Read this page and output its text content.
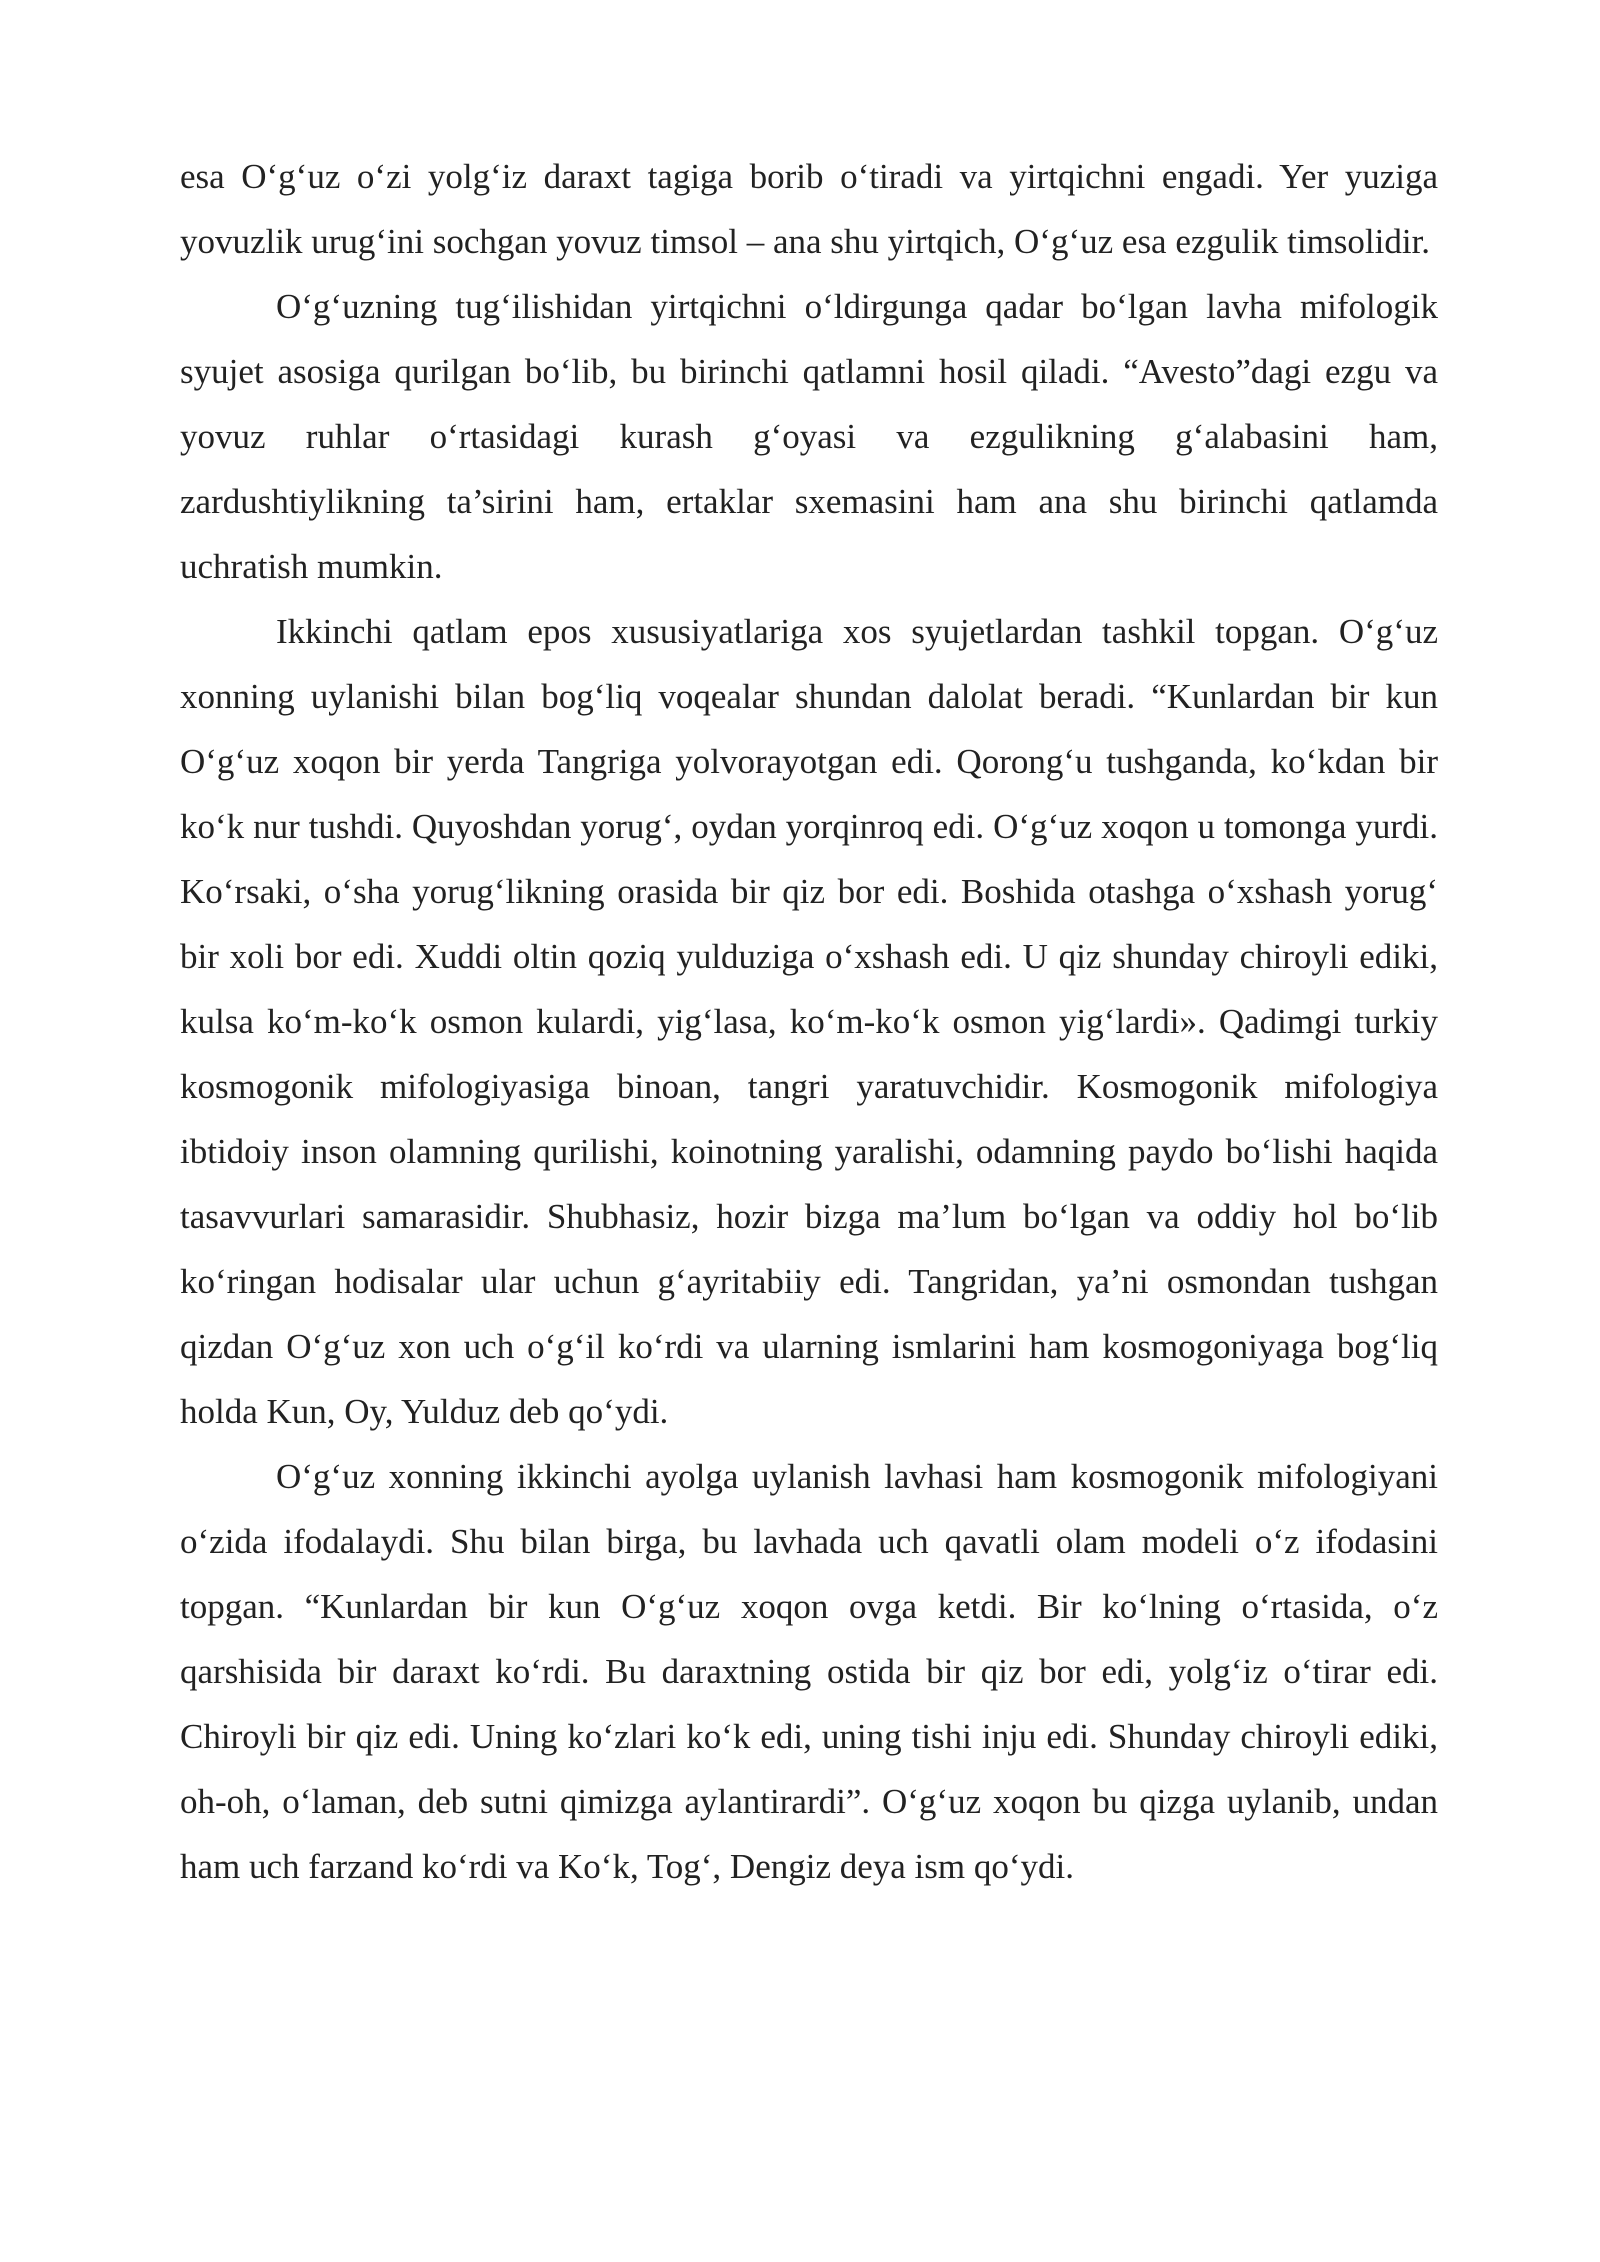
esa O‘g‘uz o‘zi yolg‘iz daraxt tagiga borib o‘tiradi va yirtqichni engadi. Yer yuziga yovuzlik urug‘ini sochgan yovuz timsol – ana shu yirtqich, O‘g‘uz esa ezgulik timsolidir.

O‘g‘uzning tug‘ilishidan yirtqichni o‘ldirgunga qadar bo‘lgan lavha mifologik syujet asosiga qurilgan bo‘lib, bu birinchi qatlamni hosil qiladi. “Avesto”dagi ezgu va yovuz ruhlar o‘rtasidagi kurash g‘oyasi va ezgulikning g‘alabasini ham, zardushtiylikning ta’sirini ham, ertaklar sxemasini ham ana shu birinchi qatlamda uchratish mumkin.

Ikkinchi qatlam epos xususiyatlariga xos syujetlardan tashkil topgan. O‘g‘uz xonning uylanishi bilan bog‘liq voqealar shundan dalolat beradi. “Kunlardan bir kun O‘g‘uz xoqon bir yerda Tangriga yolvorayotgan edi. Qorong‘u tushganda, ko‘kdan bir ko‘k nur tushdi. Quyoshdan yorug‘, oydan yorqinroq edi. O‘g‘uz xoqon u tomonga yurdi. Ko‘rsaki, o‘sha yorug‘likning orasida bir qiz bor edi. Boshida otashga o‘xshash yorug‘ bir xoli bor edi. Xuddi oltin qoziq yulduziga o‘xshash edi. U qiz shunday chiroyli ediki, kulsa ko‘m-ko‘k osmon kulardi, yig‘lasa, ko‘m-ko‘k osmon yig‘lardi». Qadimgi turkiy kosmogonik mifologiyasiga binoan, tangri yaratuvchidir. Kosmogonik mifologiya ibtidoiy inson olamning qurilishi, koinotning yaralishi, odamning paydo bo‘lishi haqida tasavvurlari samarasidir. Shubhasiz, hozir bizga ma’lum bo‘lgan va oddiy hol bo‘lib ko‘ringan hodisalar ular uchun g‘ayritabiiy edi. Tangridan, ya’ni osmondan tushgan qizdan O‘g‘uz xon uch o‘g‘il ko‘rdi va ularning ismlarini ham kosmogoniyaga bog‘liq holda Kun, Oy, Yulduz deb qo‘ydi.

O‘g‘uz xonning ikkinchi ayolga uylanish lavhasi ham kosmogonik mifologiyani o‘zida ifodalaydi. Shu bilan birga, bu lavhada uch qavatli olam modeli o‘z ifodasini topgan. “Kunlardan bir kun O‘g‘uz xoqon ovga ketdi. Bir ko‘lning o‘rtasida, o‘z qarshisida bir daraxt ko‘rdi. Bu daraxtning ostida bir qiz bor edi, yolg‘iz o‘tirar edi. Chiroyli bir qiz edi. Uning ko‘zlari ko‘k edi, uning tishi inju edi. Shunday chiroyli ediki, oh-oh, o‘laman, deb sutni qimizga aylantirardi”. O‘g‘uz xoqon bu qizga uylanib, undan ham uch farzand ko‘rdi va Ko‘k, Tog‘, Dengiz deya ism qo‘ydi.
